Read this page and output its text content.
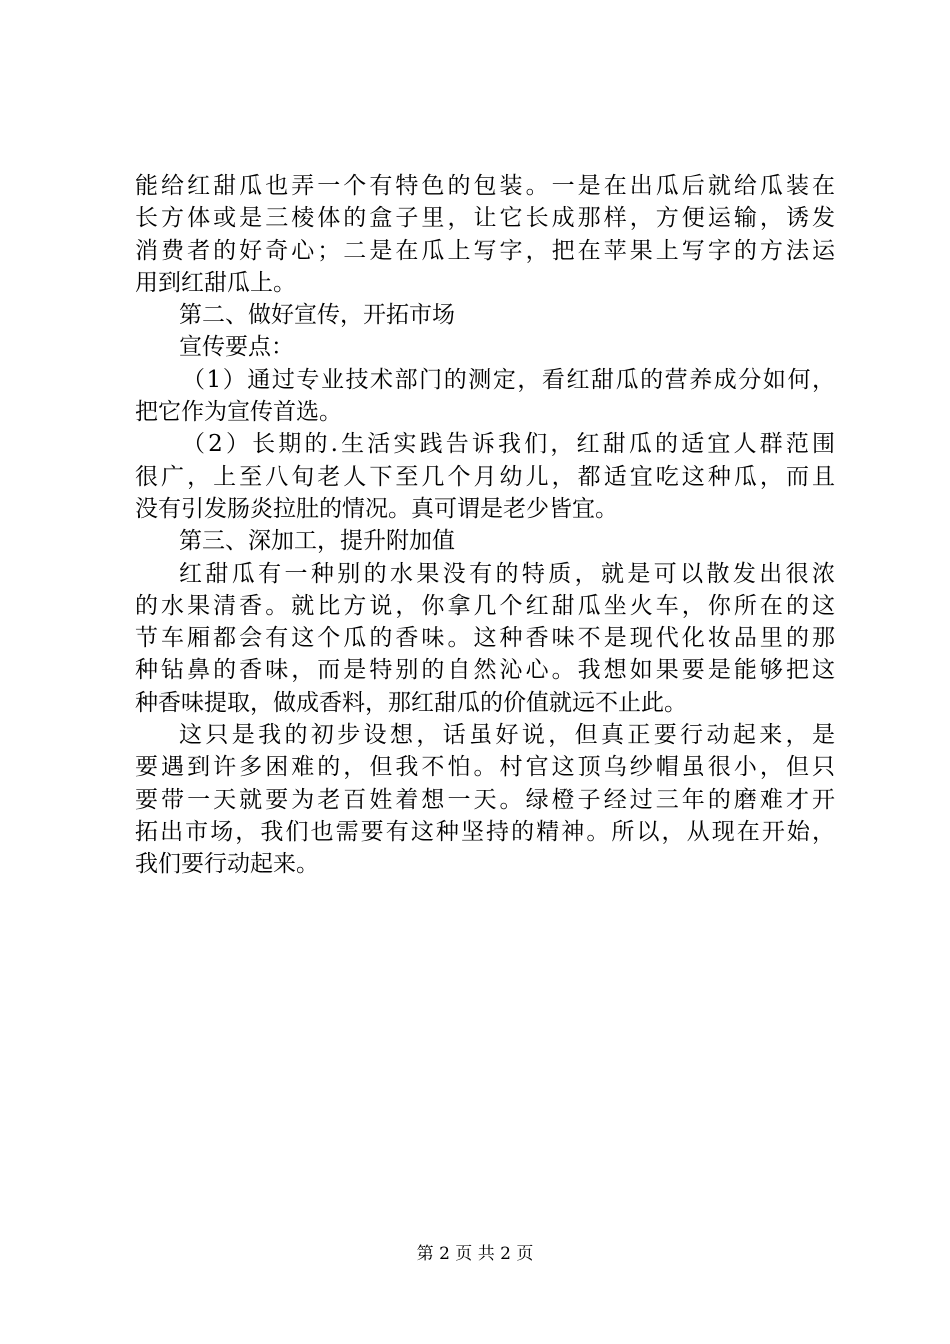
能给红甜瓜也弄一个有特色的包装。一是在出瓜后就给瓜装在
长方体或是三棱体的盒子里，让它长成那样，方便运输，诱发
消费者的好奇心；二是在瓜上写字，把在苹果上写字的方法运
用到红甜瓜上。
第二、做好宣传，开拓市场
宣传要点：
（1）通过专业技术部门的测定，看红甜瓜的营养成分如何，
把它作为宣传首选。
（2）长期的.生活实践告诉我们，红甜瓜的适宜人群范围
很广，上至八旬老人下至几个月幼儿，都适宜吃这种瓜，而且
没有引发肠炎拉肚的情况。真可谓是老少皆宜。
第三、深加工，提升附加值
红甜瓜有一种别的水果没有的特质，就是可以散发出很浓
的水果清香。就比方说，你拿几个红甜瓜坐火车，你所在的这
节车厢都会有这个瓜的香味。这种香味不是现代化妆品里的那
种钻鼻的香味，而是特别的自然沁心。我想如果要是能够把这
种香味提取，做成香料，那红甜瓜的价值就远不止此。
这只是我的初步设想，话虽好说，但真正要行动起来，是
要遇到许多困难的，但我不怕。村官这顶乌纱帽虽很小，但只
要带一天就要为老百姓着想一天。绿橙子经过三年的磨难才开
拓出市场，我们也需要有这种坚持的精神。所以，从现在开始，
我们要行动起来。
第 2 页 共 2 页
